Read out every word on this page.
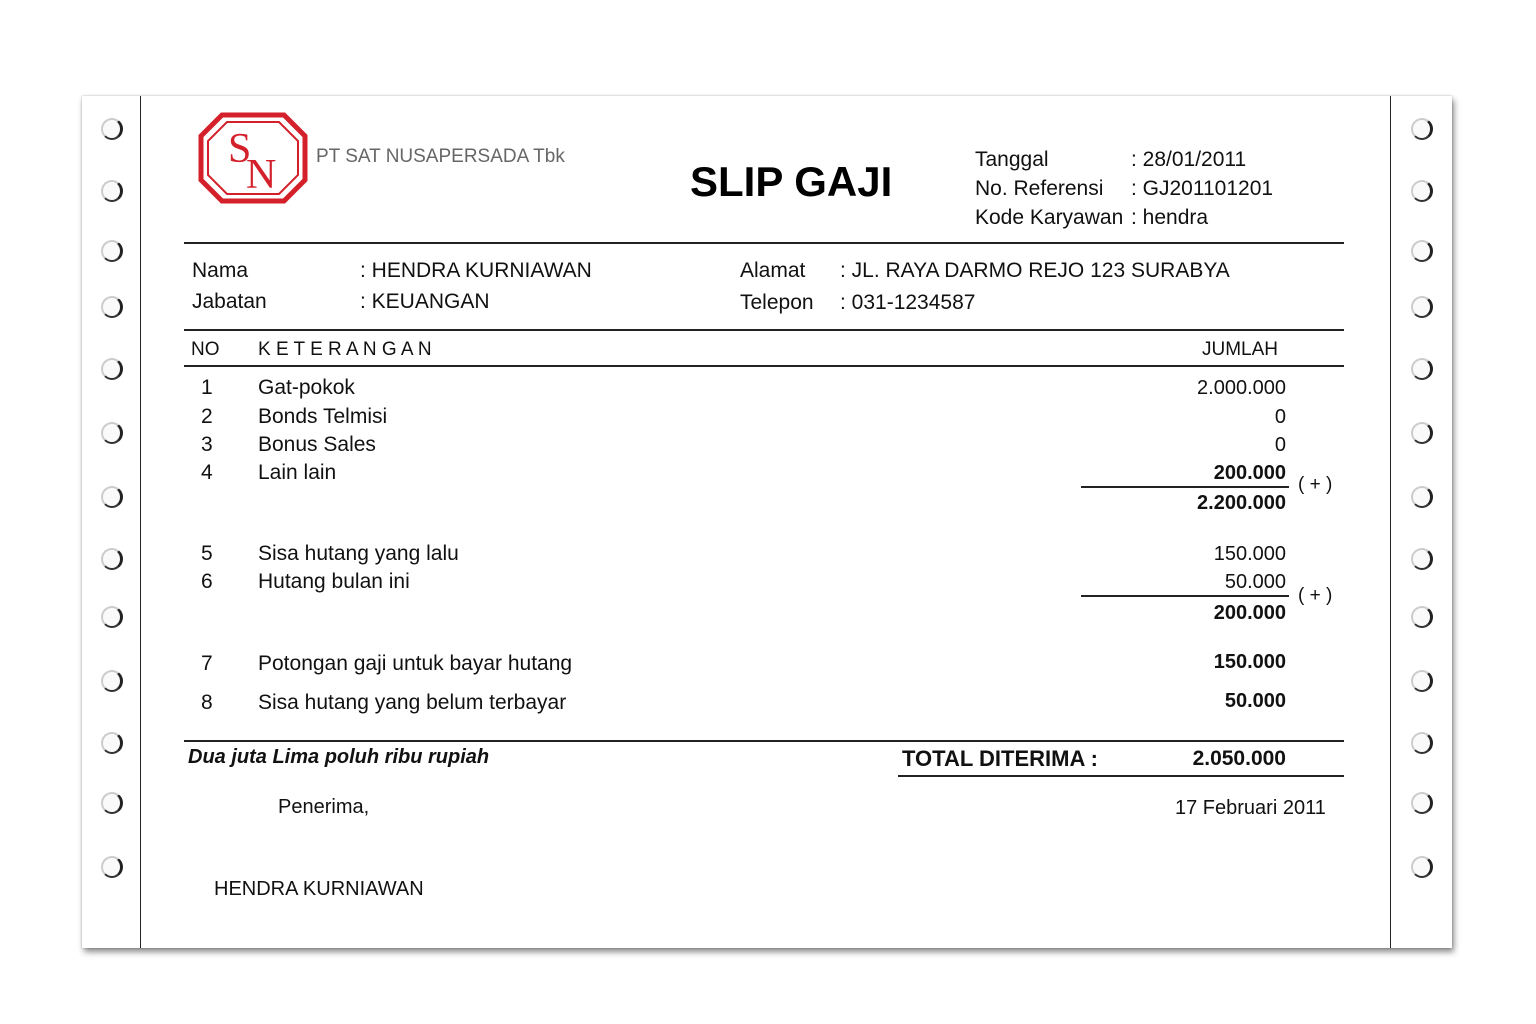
S
N PT SAT NUSAPERSADA Tbk
SLIP GAJI	Tanggal	: 28/01/2011
No. Referensi : GJ201101201
Kode Karyawan : hendra
Nama	: HENDRA KURNIAWAN
Jabatan	: KEUANGAN
Alamat : JL. RAYA DARMO REJO 123 SURABYA
Telepon : 031-1234587
NO K E T E R A N G A N	JUMLAH
1 Gat-pokok	2.000.000
2 Bonds Telmisi	0
3 Bonus Sales	0
4 Lain lain	200.000
( + )
2.200.000
5 Sisa hutang yang lalu	150.000
6 Hutang bulan ini	50.000
( + )
200.000
7 Potongan gaji untuk bayar hutang	150.000
8 Sisa hutang yang belum terbayar	50.000
Dua juta Lima poluh ribu rupiah	TOTAL DITERIMA :	2.050.000
Penerima,	17 Februari 2011
HENDRA KURNIAWAN
